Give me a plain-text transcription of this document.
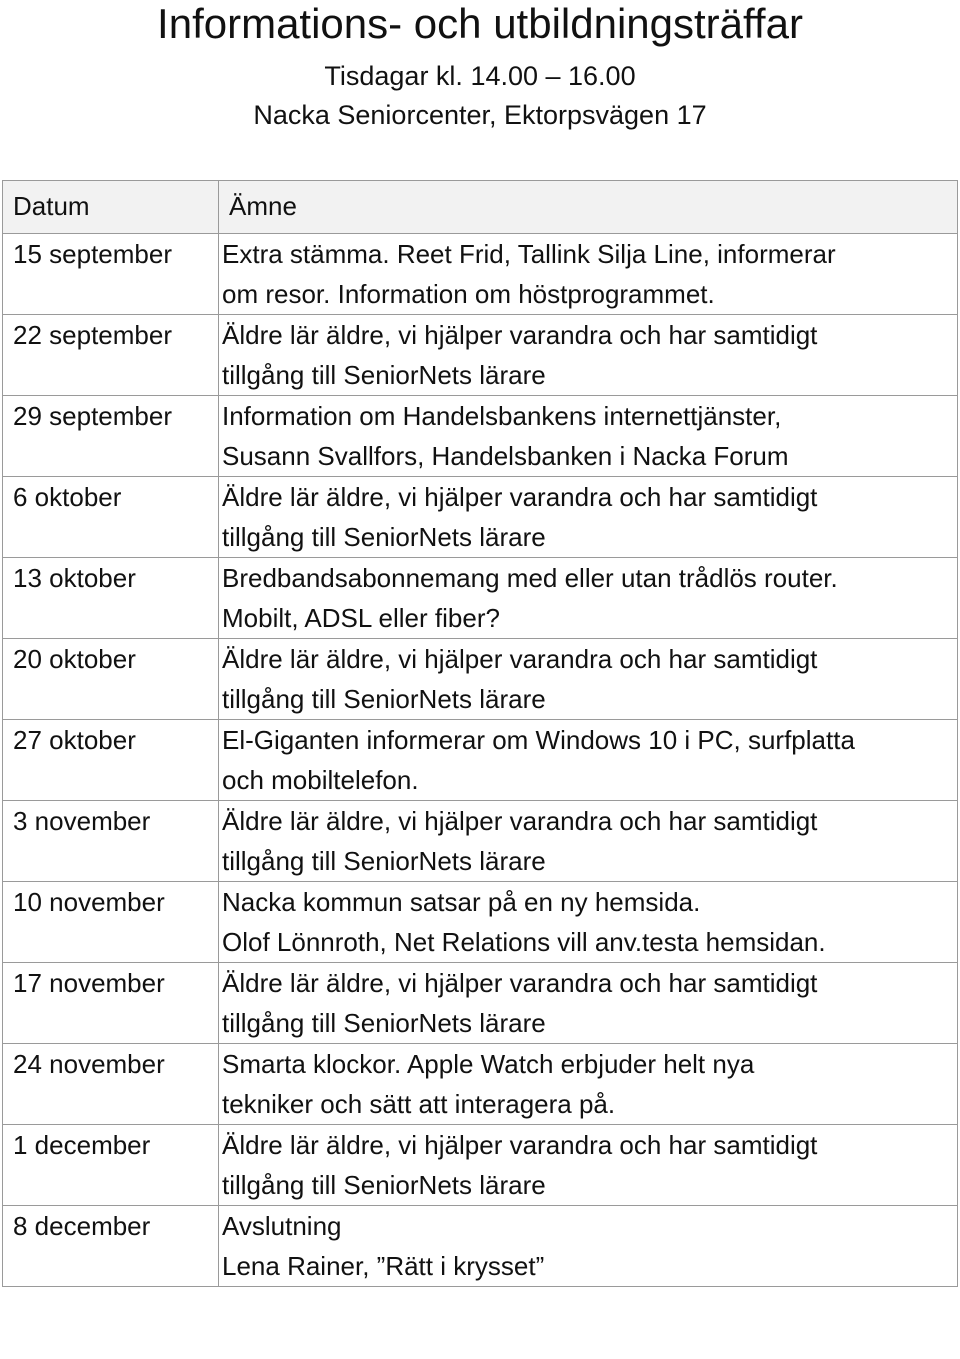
Informations- och utbildningsträffar
Tisdagar kl. 14.00 – 16.00
Nacka Seniorcenter, Ektorpsvägen 17
Datum	Ämne
15 september	Extra stämma. Reet Frid, Tallink Silja Line, informerar
om resor. Information om höstprogrammet.

22 september	Äldre lär äldre, vi hjälper varandra och har samtidigt
tillgång till SeniorNets lärare

29 september	Information om Handelsbankens internettjänster,
Susann Svallfors, Handelsbanken i Nacka Forum

6 oktober	Äldre lär äldre, vi hjälper varandra och har samtidigt
tillgång till SeniorNets lärare

13 oktober	Bredbandsabonnemang med eller utan trådlös router.
Mobilt, ADSL eller fiber?

20 oktober	Äldre lär äldre, vi hjälper varandra och har samtidigt
tillgång till SeniorNets lärare

27 oktober	El-Giganten informerar om Windows 10 i PC, surfplatta
och mobiltelefon.

3 november	Äldre lär äldre, vi hjälper varandra och har samtidigt
tillgång till SeniorNets lärare

10 november	Nacka kommun satsar på en ny hemsida.
Olof Lönnroth, Net Relations vill anv.testa hemsidan.

17 november	Äldre lär äldre, vi hjälper varandra och har samtidigt
tillgång till SeniorNets lärare

24 november	Smarta klockor. Apple Watch erbjuder helt nya
tekniker och sätt att interagera på.

1 december	Äldre lär äldre, vi hjälper varandra och har samtidigt
tillgång till SeniorNets lärare

8 december	Avslutning
Lena Rainer, ”Rätt i krysset”
